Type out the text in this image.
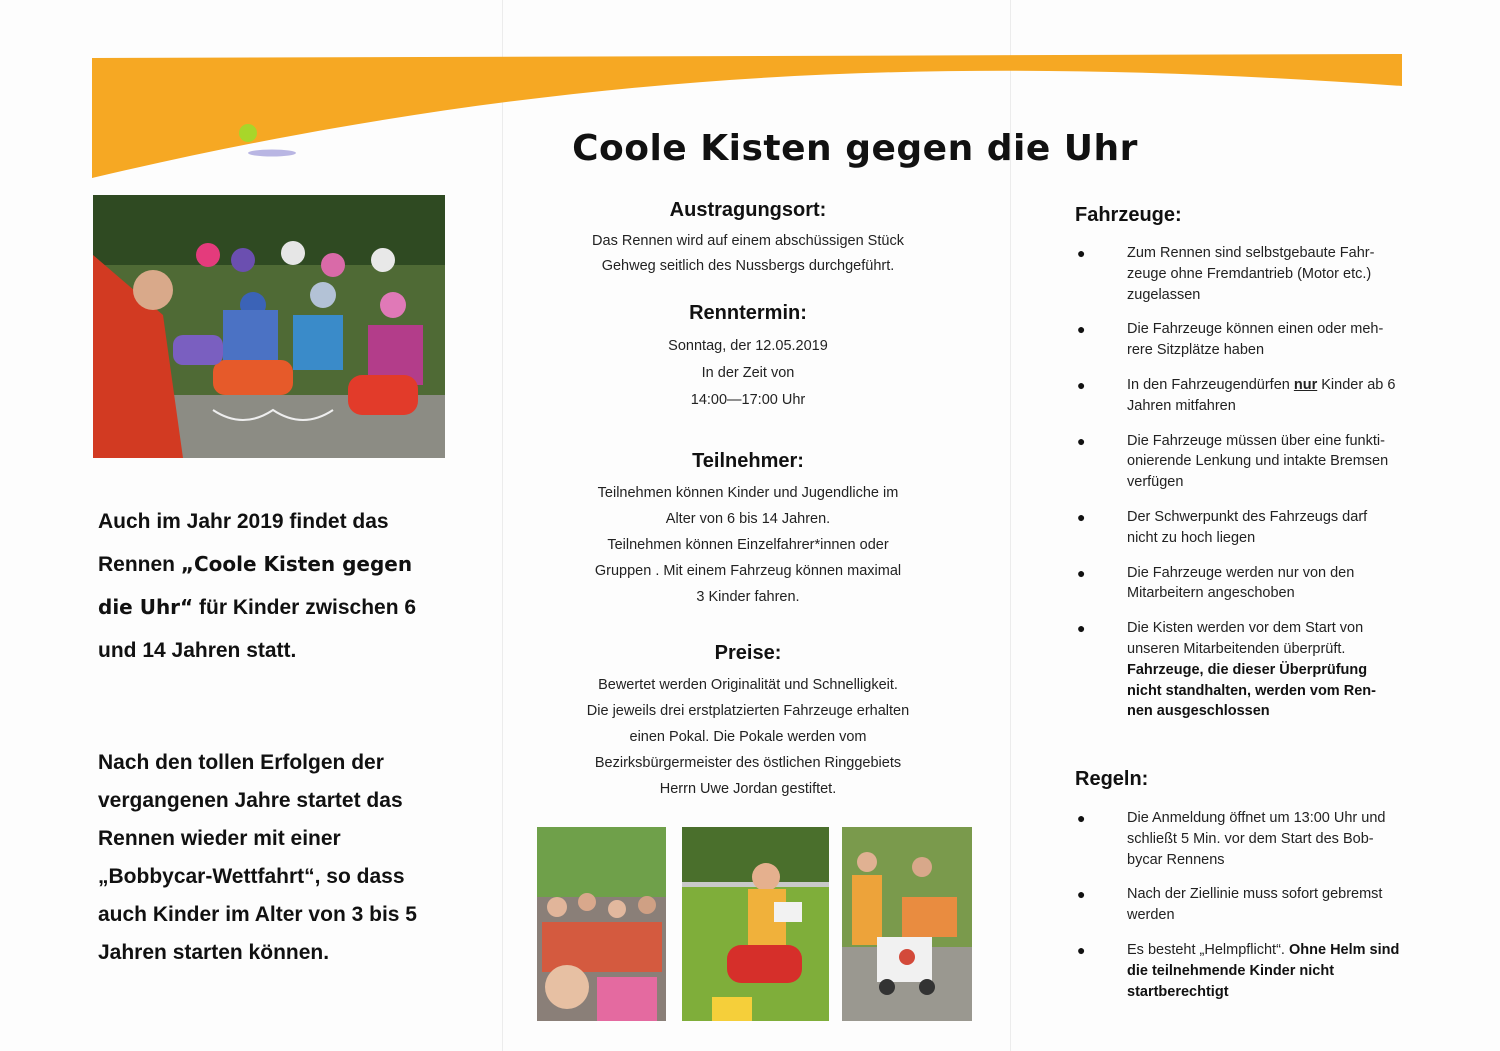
Coole Kisten gegen die Uhr
Auch im Jahr 2019 findet das Rennen „Coole Kisten gegen die Uhr“ für Kinder zwischen 6 und 14 Jahren statt.

Nach den tollen Erfolgen der vergangenen Jahre startet das Rennen wieder mit einer „Bobbycar-Wettfahrt“, so dass auch Kinder im Alter von 3 bis 5 Jahren starten können.

Austragungsort:

Das Rennen wird auf einem abschüssigen Stück

Gehweg seitlich des Nussbergs durchgeführt.

Renntermin:

Sonntag, der 12.05.2019

In der Zeit von

14:00—17:00 Uhr

Teilnehmer:

Teilnehmen können Kinder und Jugendliche im

Alter von 6 bis 14 Jahren.

Teilnehmen können Einzelfahrer*innen oder

Gruppen . Mit einem Fahrzeug können maximal

3 Kinder fahren.

Preise:

Bewertet werden Originalität und Schnelligkeit.

Die jeweils drei erstplatzierten Fahrzeuge erhalten

einen Pokal. Die Pokale werden vom

Bezirksbürgermeister des östlichen Ringgebiets

Herrn Uwe Jordan gestiftet.

Fahrzeuge:
●	Zum Rennen sind selbstgebaute Fahr-zeuge ohne Fremdantrieb (Motor etc.) zugelassen
●	Die Fahrzeuge können einen oder meh-rere Sitzplätze haben
●	In den Fahrzeugendürfen nur Kinder ab 6 Jahren mitfahren
●	Die Fahrzeuge müssen über eine funkti-onierende Lenkung und intakte Bremsen verfügen
●	Der Schwerpunkt des Fahrzeugs darf nicht zu hoch liegen
●	Die Fahrzeuge werden nur von den Mitarbeitern angeschoben
●	Die Kisten werden vor dem Start von unseren Mitarbeitenden überprüft. Fahrzeuge, die dieser Überprüfung nicht standhalten, werden vom Ren-nen ausgeschlossen
Regeln:
●	Die Anmeldung öffnet um 13:00 Uhr und schließt 5 Min. vor dem Start des Bob-bycar Rennens
●	Nach der Ziellinie muss sofort gebremst werden
●	Es besteht „Helmpflicht“. Ohne Helm sind die teilnehmende Kinder nicht startberechtigt
